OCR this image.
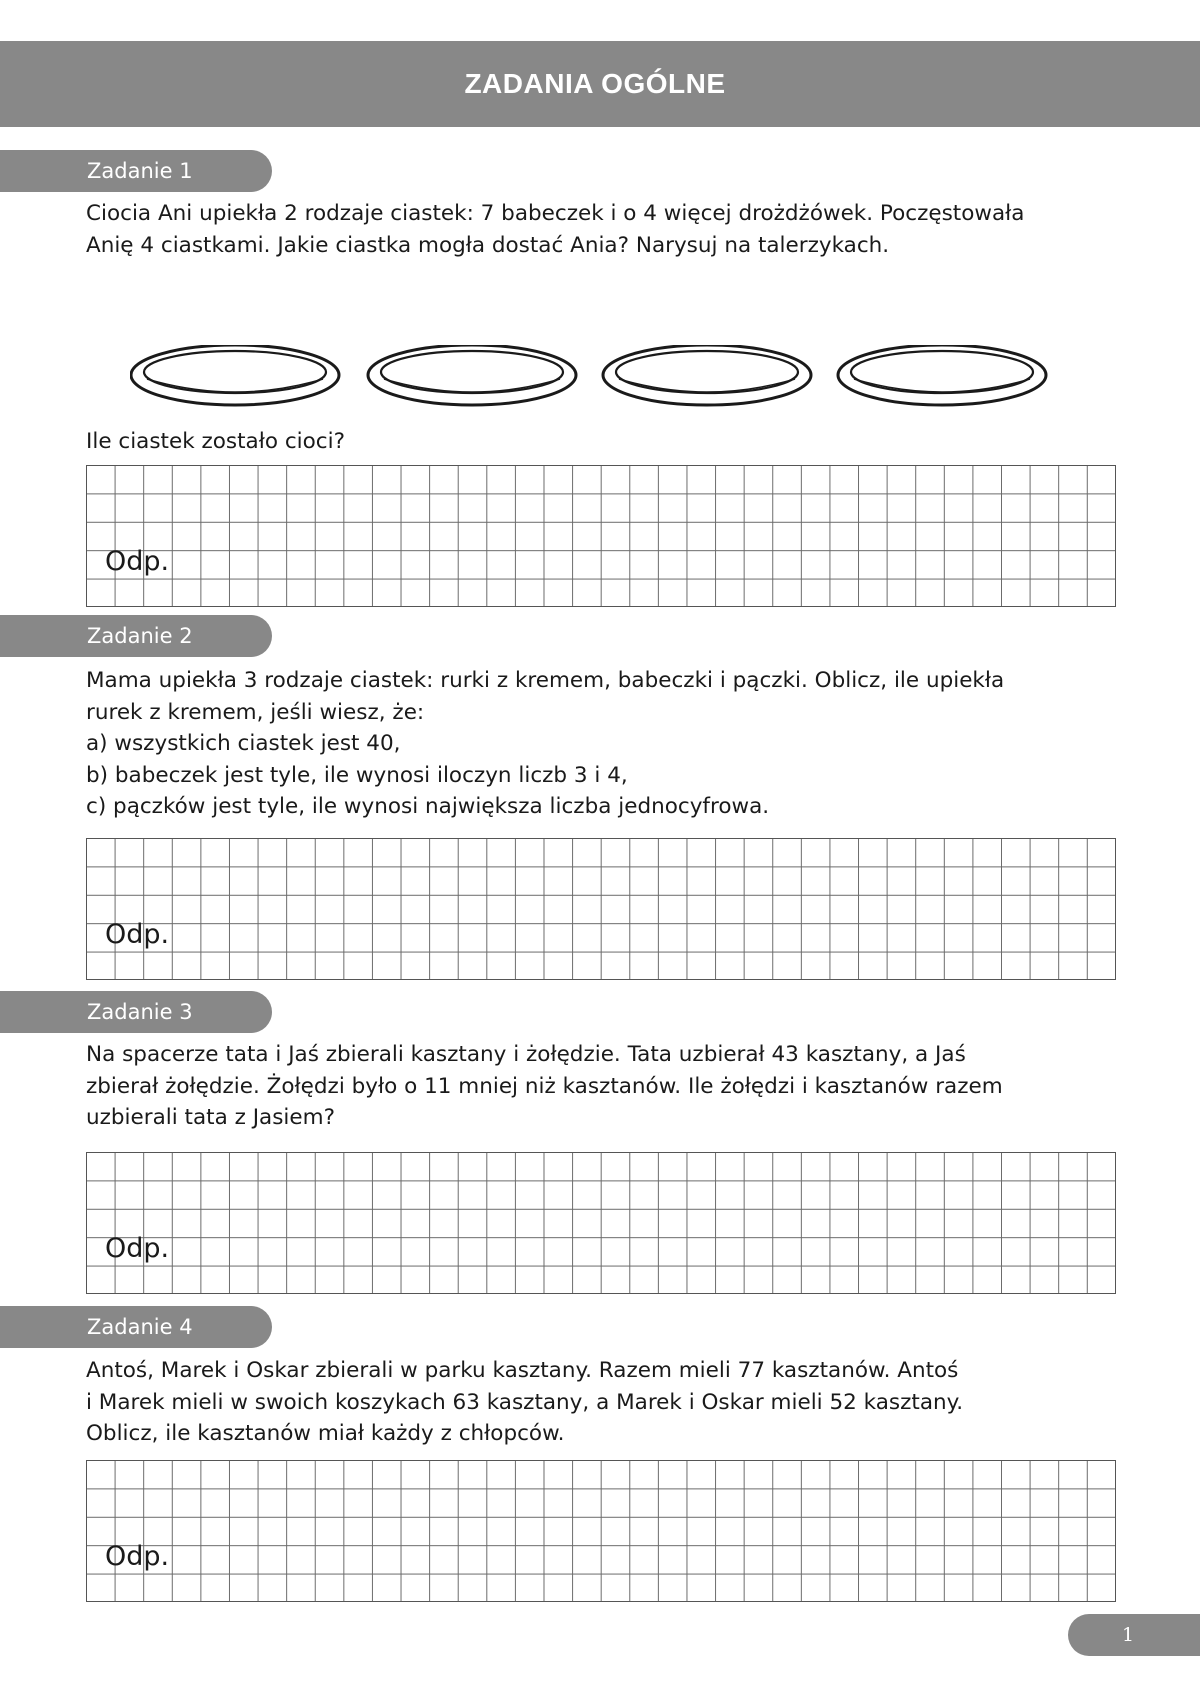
ZADANIA OGÓLNE
Zadanie 1
Ciocia Ani upiekła 2 rodzaje ciastek: 7 babeczek i o 4 więcej drożdżówek. Poczęstowała
Anię 4 ciastkami. Jakie ciastka mogła dostać Ania? Narysuj na talerzykach.
Ile ciastek zostało cioci?
Odp.
Zadanie 2
Mama upiekła 3 rodzaje ciastek: rurki z kremem, babeczki i pączki. Oblicz, ile upiekła
rurek z kremem, jeśli wiesz, że:
a) wszystkich ciastek jest 40,
b) babeczek jest tyle, ile wynosi iloczyn liczb 3 i 4,
c) pączków jest tyle, ile wynosi największa liczba jednocyfrowa.
Odp.
Zadanie 3
Na spacerze tata i Jaś zbierali kasztany i żołędzie. Tata uzbierał 43 kasztany, a Jaś
zbierał żołędzie. Żołędzi było o 11 mniej niż kasztanów. Ile żołędzi i kasztanów razem
uzbierali tata z Jasiem?
Odp.
Zadanie 4
Antoś, Marek i Oskar zbierali w parku kasztany. Razem mieli 77 kasztanów. Antoś
i Marek mieli w swoich koszykach 63 kasztany, a Marek i Oskar mieli 52 kasztany.
Oblicz, ile kasztanów miał każdy z chłopców.
Odp.
1
